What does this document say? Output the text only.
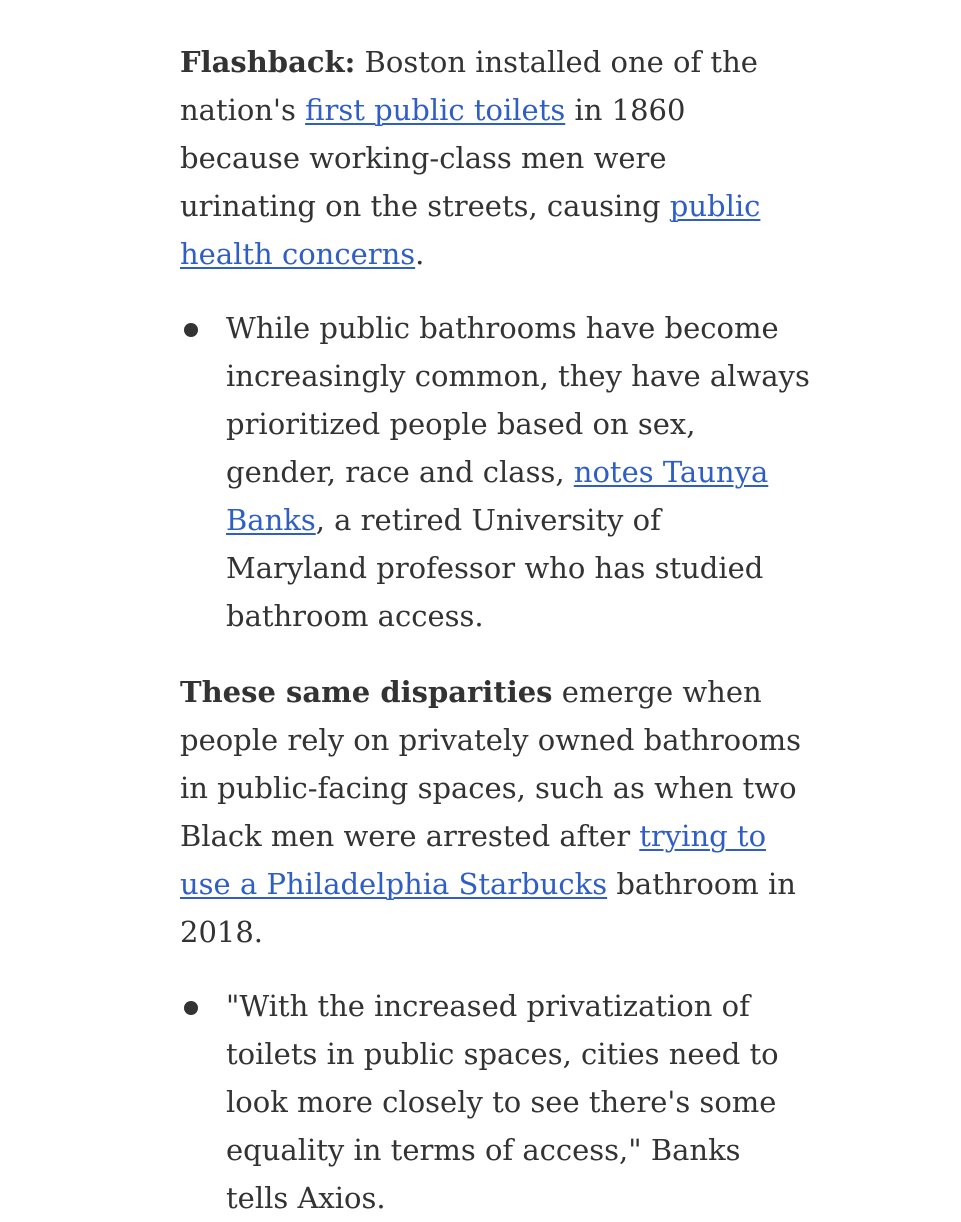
Flashback: Boston installed one of the nation's first public toilets in 1860 because working-class men were urinating on the streets, causing public health concerns.

While public bathrooms have become increasingly common, they have always prioritized people based on sex, gender, race and class, notes Taunya Banks, a retired University of Maryland professor who has studied bathroom access.

These same disparities emerge when people rely on privately owned bathrooms in public-facing spaces, such as when two Black men were arrested after trying to use a Philadelphia Starbucks bathroom in 2018.

"With the increased privatization of toilets in public spaces, cities need to look more closely to see there's some equality in terms of access," Banks tells Axios.
